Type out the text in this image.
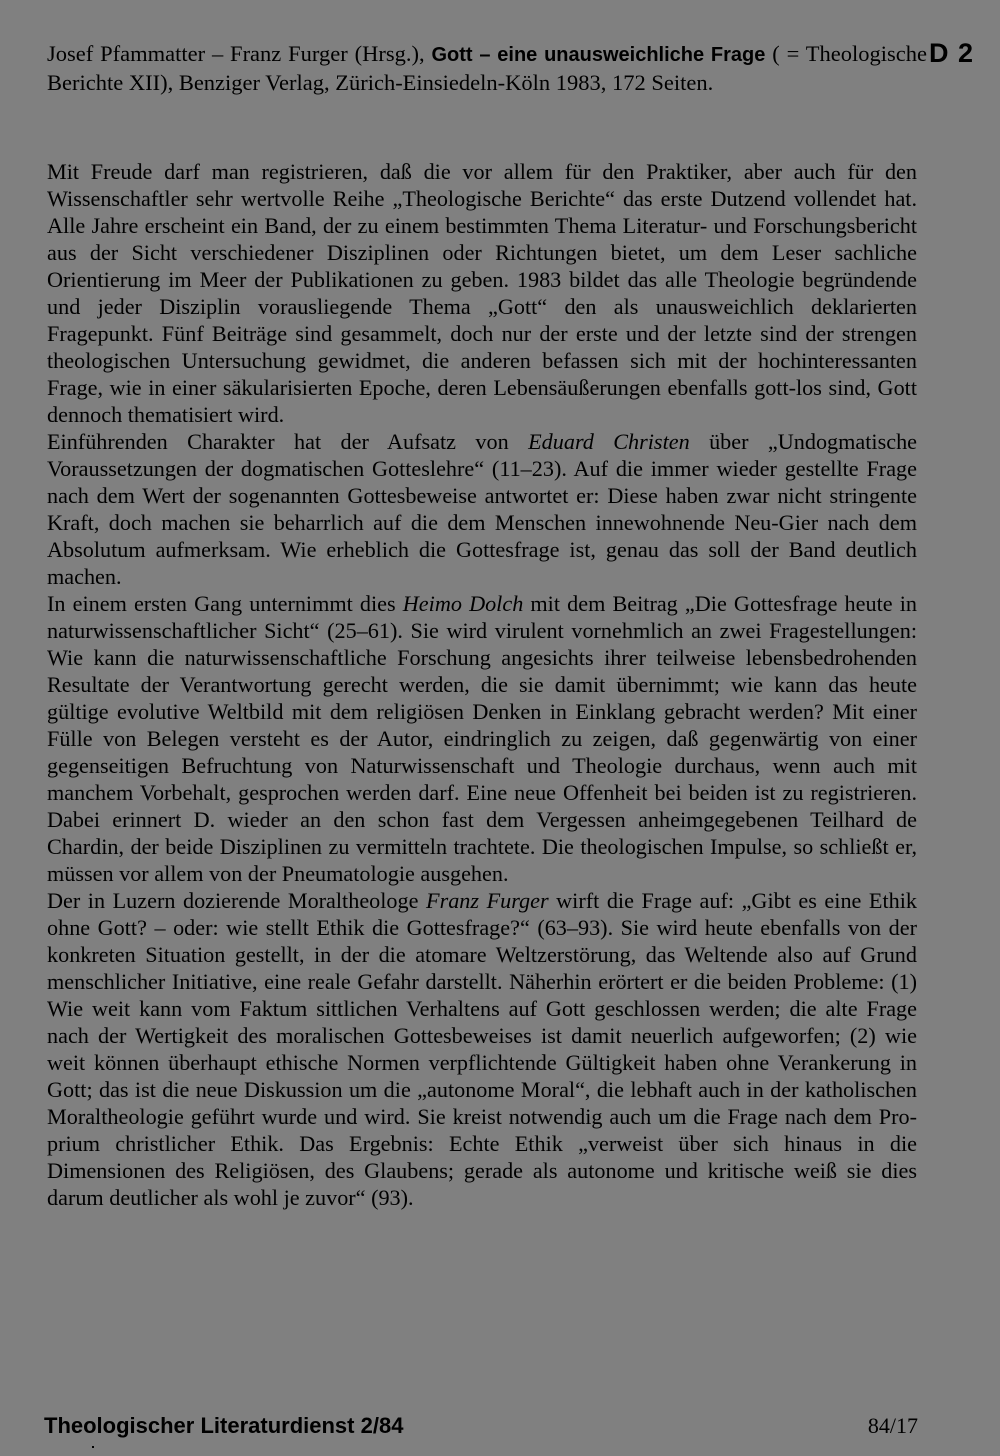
Josef Pfammatter – Franz Furger (Hrsg.), Gott – eine unausweichliche Frage ( = Theologische Berichte XII), Benziger Verlag, Zürich-Einsiedeln-Köln 1983, 172 Seiten.
D 2

Mit Freude darf man registrieren, daß die vor allem für den Praktiker, aber auch für den Wissenschaftler sehr wertvolle Reihe „Theologische Berichte“ das erste Dutzend vollendet hat. Alle Jahre erscheint ein Band, der zu einem bestimmten Thema Literatur- und Forschungsbericht aus der Sicht verschiedener Disziplinen oder Richtungen bietet, um dem Leser sachliche Orientierung im Meer der Publikationen zu geben. 1983 bildet das alle Theologie begründende und jeder Disziplin vorausliegende Thema „Gott“ den als unausweichlich deklarierten Fragepunkt. Fünf Beiträge sind gesammelt, doch nur der erste und der letzte sind der strengen theologischen Untersuchung gewidmet, die anderen befassen sich mit der hochinteressanten Frage, wie in einer säkularisierten Epoche, deren Lebensäußerungen ebenfalls gott-los sind, Gott dennoch thematisiert wird.

Einführenden Charakter hat der Aufsatz von Eduard Christen über „Undogmatische Voraussetzungen der dogmatischen Gotteslehre“ (11–23). Auf die immer wieder gestellte Frage nach dem Wert der sogenannten Gottesbeweise antwortet er: Diese haben zwar nicht stringente Kraft, doch machen sie beharrlich auf die dem Menschen innewohnende Neu-Gier nach dem Absolutum aufmerksam. Wie erheblich die Gottesfrage ist, genau das soll der Band deutlich machen.

In einem ersten Gang unternimmt dies Heimo Dolch mit dem Beitrag „Die Gottesfrage heute in naturwissenschaftlicher Sicht“ (25–61). Sie wird virulent vornehmlich an zwei Fragestellungen: Wie kann die naturwissenschaftliche Forschung angesichts ihrer teilweise lebensbedrohenden Resultate der Verantwortung gerecht werden, die sie damit übernimmt; wie kann das heute gültige evolutive Weltbild mit dem religiösen Denken in Einklang gebracht werden? Mit einer Fülle von Belegen versteht es der Autor, eindringlich zu zeigen, daß gegenwärtig von einer gegenseitigen Befruchtung von Naturwissenschaft und Theologie durchaus, wenn auch mit manchem Vorbehalt, gesprochen werden darf. Eine neue Offenheit bei beiden ist zu registrieren. Dabei erinnert D. wieder an den schon fast dem Vergessen anheimgegebenen Teilhard de Chardin, der beide Disziplinen zu vermitteln trachtete. Die theologischen Impulse, so schließt er, müssen vor allem von der Pneumatologie ausgehen.

Der in Luzern dozierende Moraltheologe Franz Furger wirft die Frage auf: „Gibt es eine Ethik ohne Gott? – oder: wie stellt Ethik die Gottesfrage?“ (63–93). Sie wird heute ebenfalls von der konkreten Situation gestellt, in der die atomare Weltzerstörung, das Weltende also auf Grund menschlicher Initiative, eine reale Gefahr darstellt. Näherhin erörtert er die beiden Probleme: (1) Wie weit kann vom Faktum sittlichen Verhaltens auf Gott geschlossen werden; die alte Frage nach der Wertigkeit des moralischen Gottesbeweises ist damit neuerlich aufgeworfen; (2) wie weit können überhaupt ethische Normen verpflichtende Gültigkeit haben ohne Verankerung in Gott; das ist die neue Diskussion um die „autonome Moral“, die lebhaft auch in der katholischen Moraltheologie geführt wurde und wird. Sie kreist notwendig auch um die Frage nach dem Proprium christlicher Ethik. Das Ergebnis: Echte Ethik „verweist über sich hinaus in die Dimensionen des Religiösen, des Glaubens; gerade als autonome und kritische weiß sie dies darum deutlicher als wohl je zuvor“ (93).

Theologischer Literaturdienst 2/84	84/17
